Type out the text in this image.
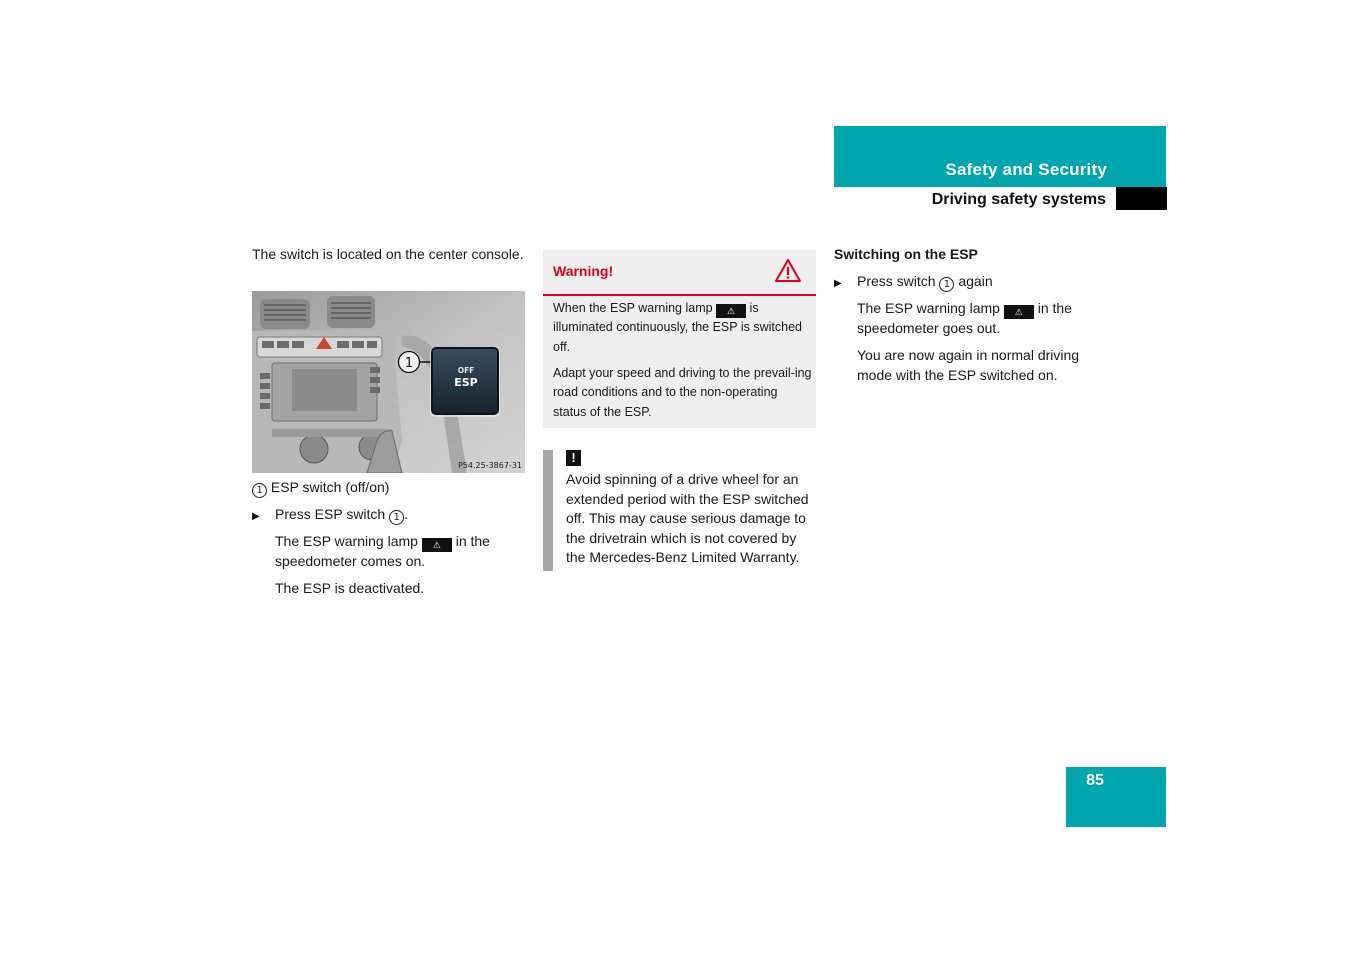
Safety and Security
Driving safety systems
The switch is located on the center console.
1	OFF
ESP
P54.25-3867-31
1 ESP switch (off/on)
▶ Press ESP switch 1 .
The ESP warning lamp ⚠ in the speedometer comes on.
The ESP is deactivated.
Warning!
When the ESP warning lamp ⚠ is illuminated continuously, the ESP is switched off.
Adapt your speed and driving to the prevail-ing road conditions and to the non-operating status of the ESP.
!
Avoid spinning of a drive wheel for an extended period with the ESP switched off. This may cause serious damage to the drivetrain which is not covered by the Mercedes-Benz Limited Warranty.
Switching on the ESP
▶ Press switch 1 again
The ESP warning lamp ⚠ in the speedometer goes out.
You are now again in normal driving mode with the ESP switched on.
85
